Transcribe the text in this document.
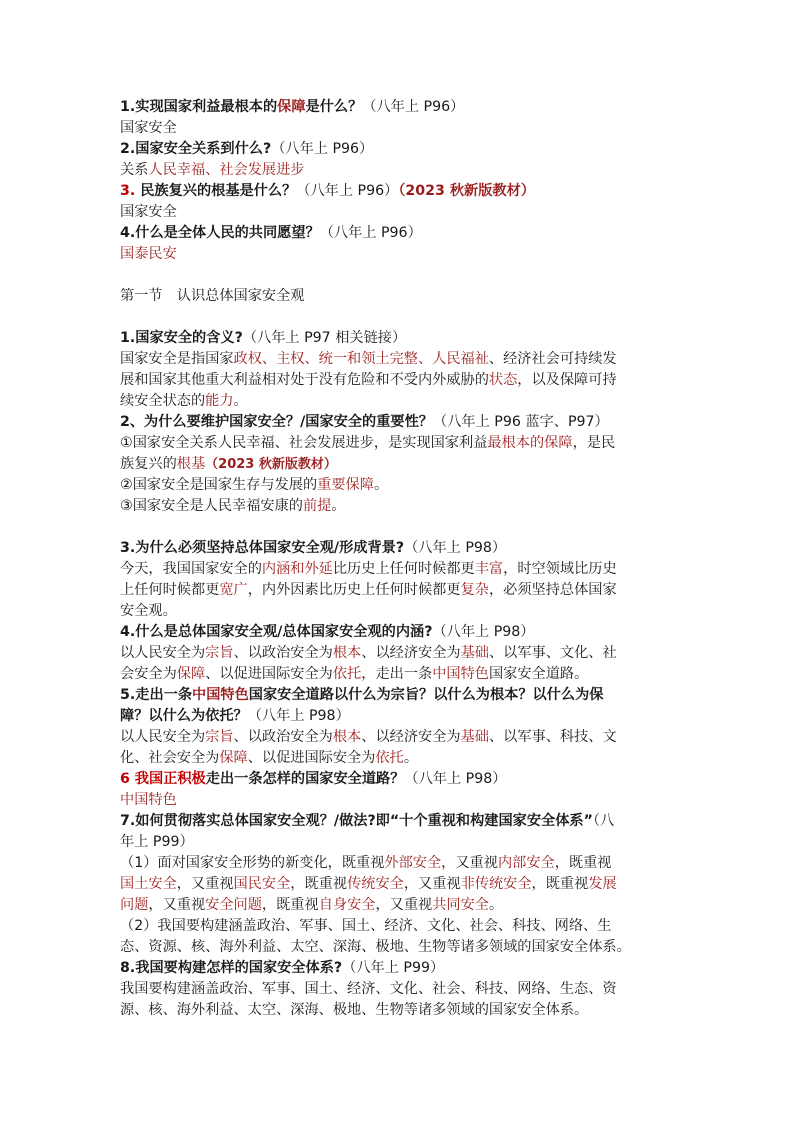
1.实现国家利益最根本的保障是什么？（八年上 P96）

国家安全

2.国家安全关系到什么?（八年上 P96）

关系人民幸福、社会发展进步

3. 民族复兴的根基是什么？（八年上 P96）（2023 秋新版教材）

国家安全

4.什么是全体人民的共同愿望？（八年上 P96）

国泰民安

第一节　认识总体国家安全观

1.国家安全的含义?（八年上 P97 相关链接）

国家安全是指国家政权、主权、统一和领土完整、人民福祉、经济社会可持续发
展和国家其他重大利益相对处于没有危险和不受内外威胁的状态，以及保障可持
续安全状态的能力。

2、为什么要维护国家安全？/国家安全的重要性？（八年上 P96 蓝字、P97）

①国家安全关系人民幸福、社会发展进步，是实现国家利益最根本的保障，是民
族复兴的根基（2023 秋新版教材）
②国家安全是国家生存与发展的重要保障。
③国家安全是人民幸福安康的前提。

3.为什么必须坚持总体国家安全观/形成背景?（八年上 P98）

今天，我国国家安全的内涵和外延比历史上任何时候都更丰富，时空领域比历史
上任何时候都更宽广，内外因素比历史上任何时候都更复杂，必须坚持总体国家
安全观。

4.什么是总体国家安全观/总体国家安全观的内涵?（八年上 P98）

以人民安全为宗旨、以政治安全为根本、以经济安全为基础、以军事、文化、社
会安全为保障、以促进国际安全为依托，走出一条中国特色国家安全道路。

5.走出一条中国特色国家安全道路以什么为宗旨？以什么为根本？以什么为保
障？以什么为依托？（八年上 P98）

以人民安全为宗旨、以政治安全为根本、以经济安全为基础、以军事、科技、文
化、社会安全为保障、以促进国际安全为依托。

6 我国正积极走出一条怎样的国家安全道路？（八年上 P98）

中国特色

7.如何贯彻落实总体国家安全观？/做法?即“十个重视和构建国家安全体系”（八
年上 P99）

（1）面对国家安全形势的新变化，既重视外部安全，又重视内部安全，既重视
国土安全，又重视国民安全，既重视传统安全，又重视非传统安全，既重视发展
问题，又重视安全问题，既重视自身安全，又重视共同安全。
（2）我国要构建涵盖政治、军事、国土、经济、文化、社会、科技、网络、生
态、资源、核、海外利益、太空、深海、极地、生物等诸多领域的国家安全体系。

8.我国要构建怎样的国家安全体系?（八年上 P99）

我国要构建涵盖政治、军事、国土、经济、文化、社会、科技、网络、生态、资
源、核、海外利益、太空、深海、极地、生物等诸多领域的国家安全体系。
